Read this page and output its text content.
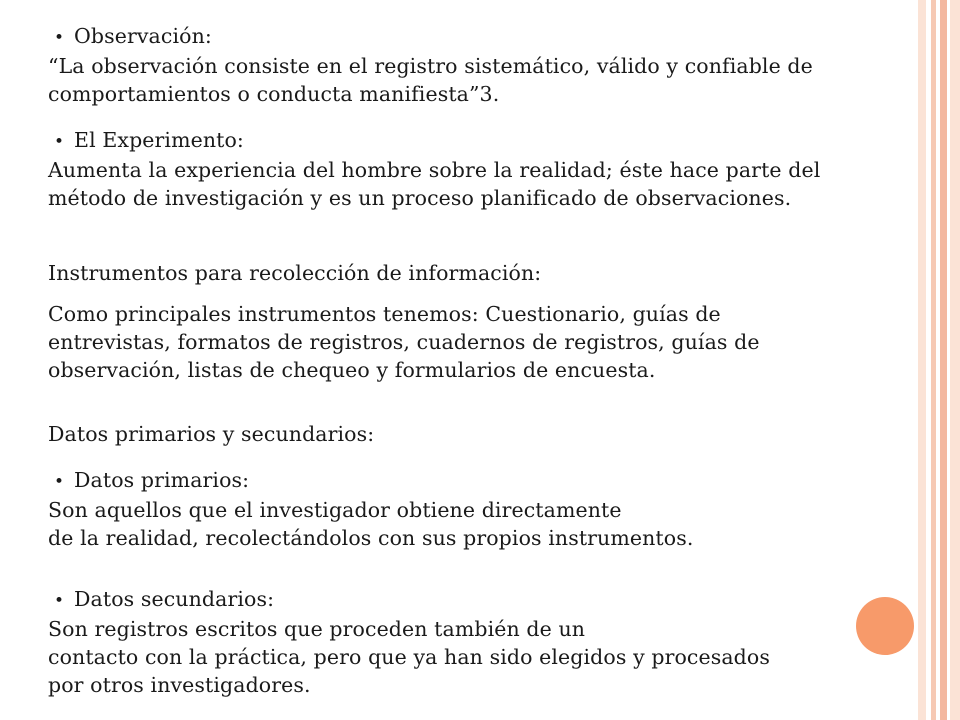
• Observación:
“La observación consiste en el registro sistemático, válido y confiable de
comportamientos o conducta manifiesta”3.
• El Experimento:
Aumenta la experiencia del hombre sobre la realidad; éste hace parte del
método de investigación y es un proceso planificado de observaciones.
Instrumentos para recolección de información:
Como principales instrumentos tenemos: Cuestionario, guías de
entrevistas, formatos de registros, cuadernos de registros, guías de
observación, listas de chequeo y formularios de encuesta.
Datos primarios y secundarios:
• Datos primarios:
Son aquellos que el investigador obtiene directamente
de la realidad, recolectándolos con sus propios instrumentos.
• Datos secundarios:
Son registros escritos que proceden también de un
contacto con la práctica, pero que ya han sido elegidos y procesados
por otros investigadores.
